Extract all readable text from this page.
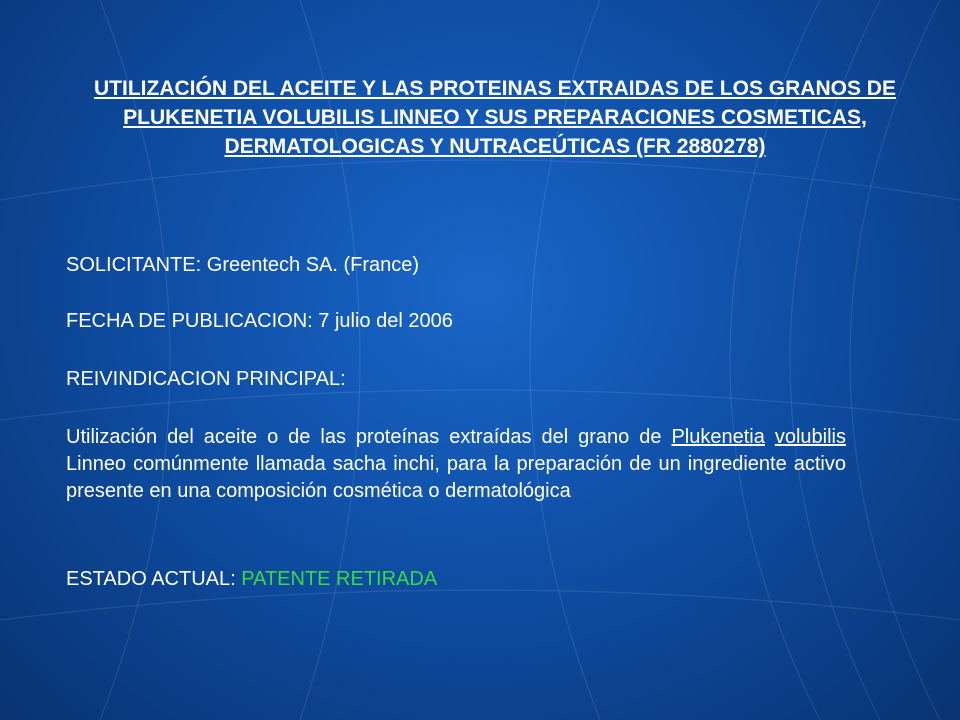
UTILIZACIÓN DEL ACEITE Y LAS PROTEINAS EXTRAIDAS DE LOS GRANOS DE PLUKENETIA VOLUBILIS LINNEO Y SUS PREPARACIONES COSMETICAS, DERMATOLOGICAS Y NUTRACEÚTICAS (FR 2880278)

SOLICITANTE: Greentech SA. (France)

FECHA DE PUBLICACION: 7 julio del 2006

REIVINDICACION PRINCIPAL:

Utilización del aceite o de las proteínas extraídas del grano de Plukenetia volubilis Linneo comúnmente llamada sacha inchi, para la preparación de un ingrediente activo presente en una composición cosmética o dermatológica

ESTADO ACTUAL: PATENTE RETIRADA
